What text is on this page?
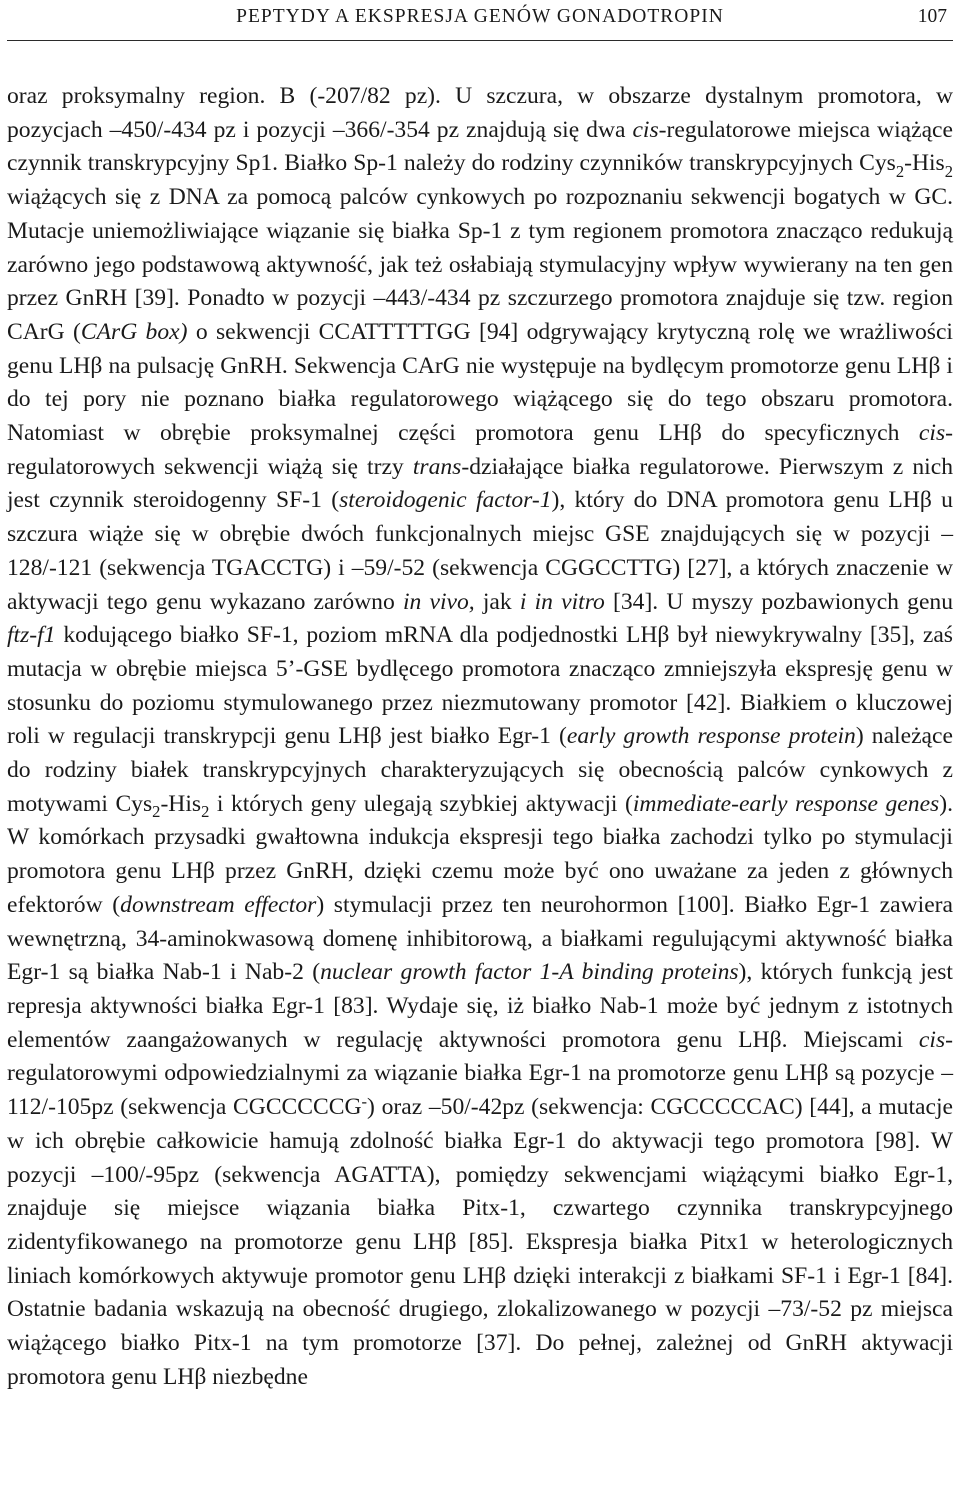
PEPTYDY A EKSPRESJA GENÓW GONADOTROPIN	107

oraz proksymalny region. B (-207/82 pz). U szczura, w obszarze dystalnym promotora, w pozycjach –450/-434 pz i pozycji –366/-354 pz znajdują się dwa cis-regulatorowe miejsca wiążące czynnik transkrypcyjny Sp1. Białko Sp-1 należy do rodziny czynników transkrypcyjnych Cys$_2$-His$_2$ wiążących się z DNA za pomocą palców cynkowych po rozpoznaniu sekwencji bogatych w GC. Mutacje uniemożliwiające wiązanie się białka Sp-1 z tym regionem promotora znacząco redukują zarówno jego podstawową aktywność, jak też osłabiają stymulacyjny wpływ wywierany na ten gen przez GnRH [39]. Ponadto w pozycji –443/-434 pz szczurzego promotora znajduje się tzw. region CArG (CArG box) o sekwencji CCATTTTTGG [94] odgrywający krytyczną rolę we wrażliwości genu LHβ na pulsację GnRH. Sekwencja CArG nie występuje na bydlęcym promotorze genu LHβ i do tej pory nie poznano białka regulatorowego wiążącego się do tego obszaru promotora. Natomiast w obrębie proksymalnej części promotora genu LHβ do specyficznych cis-regulatorowych sekwencji wiążą się trzy trans-działające białka regulatorowe. Pierwszym z nich jest czynnik steroidogenny SF-1 (steroidogenic factor-1), który do DNA promotora genu LHβ u szczura wiąże się w obrębie dwóch funkcjonalnych miejsc GSE znajdujących się w pozycji –128/-121 (sekwencja TGACCTG) i –59/-52 (sekwencja CGGCCTTG) [27], a których znaczenie w aktywacji tego genu wykazano zarówno in vivo, jak i in vitro [34]. U myszy pozbawionych genu ftz-f1 kodującego białko SF-1, poziom mRNA dla podjednostki LHβ był niewykrywalny [35], zaś mutacja w obrębie miejsca 5’-GSE bydlęcego promotora znacząco zmniejszyła ekspresję genu w stosunku do poziomu stymulowanego przez niezmutowany promotor [42]. Białkiem o kluczowej roli w regulacji transkrypcji genu LHβ jest białko Egr-1 (early growth response protein) należące do rodziny białek transkrypcyjnych charakteryzujących się obecnością palców cynkowych z motywami Cys$_2$-His$_2$ i których geny ulegają szybkiej aktywacji (immediate-early response genes). W komórkach przysadki gwałtowna indukcja ekspresji tego białka zachodzi tylko po stymulacji promotora genu LHβ przez GnRH, dzięki czemu może być ono uważane za jeden z głównych efektorów (downstream effector) stymulacji przez ten neurohormon [100]. Białko Egr-1 zawiera wewnętrzną, 34-aminokwasową domenę inhibitorową, a białkami regulującymi aktywność białka Egr-1 są białka Nab-1 i Nab-2 (nuclear growth factor 1-A binding proteins), których funkcją jest represja aktywności białka Egr-1 [83]. Wydaje się, iż białko Nab-1 może być jednym z istotnych elementów zaangażowanych w regulację aktywności promotora genu LHβ. Miejscami cis-regulatorowymi odpowiedzialnymi za wiązanie białka Egr-1 na promotorze genu LHβ są pozycje –112/-105pz (sekwencja CGCCCCCG-) oraz –50/-42pz (sekwencja: CGCCCCCAC) [44], a mutacje w ich obrębie całkowicie hamują zdolność białka Egr-1 do aktywacji tego promotora [98]. W pozycji –100/-95pz (sekwencja AGATTA), pomiędzy sekwencjami wiążącymi białko Egr-1, znajduje się miejsce wiązania białka Pitx-1, czwartego czynnika transkrypcyjnego zidentyfikowanego na promotorze genu LHβ [85]. Ekspresja białka Pitx1 w heterologicznych liniach komórkowych aktywuje promotor genu LHβ dzięki interakcji z białkami SF-1 i Egr-1 [84]. Ostatnie badania wskazują na obecność drugiego, zlokalizowanego w pozycji –73/-52 pz miejsca wiążącego białko Pitx-1 na tym promotorze [37]. Do pełnej, zależnej od GnRH aktywacji promotora genu LHβ niezbędne
